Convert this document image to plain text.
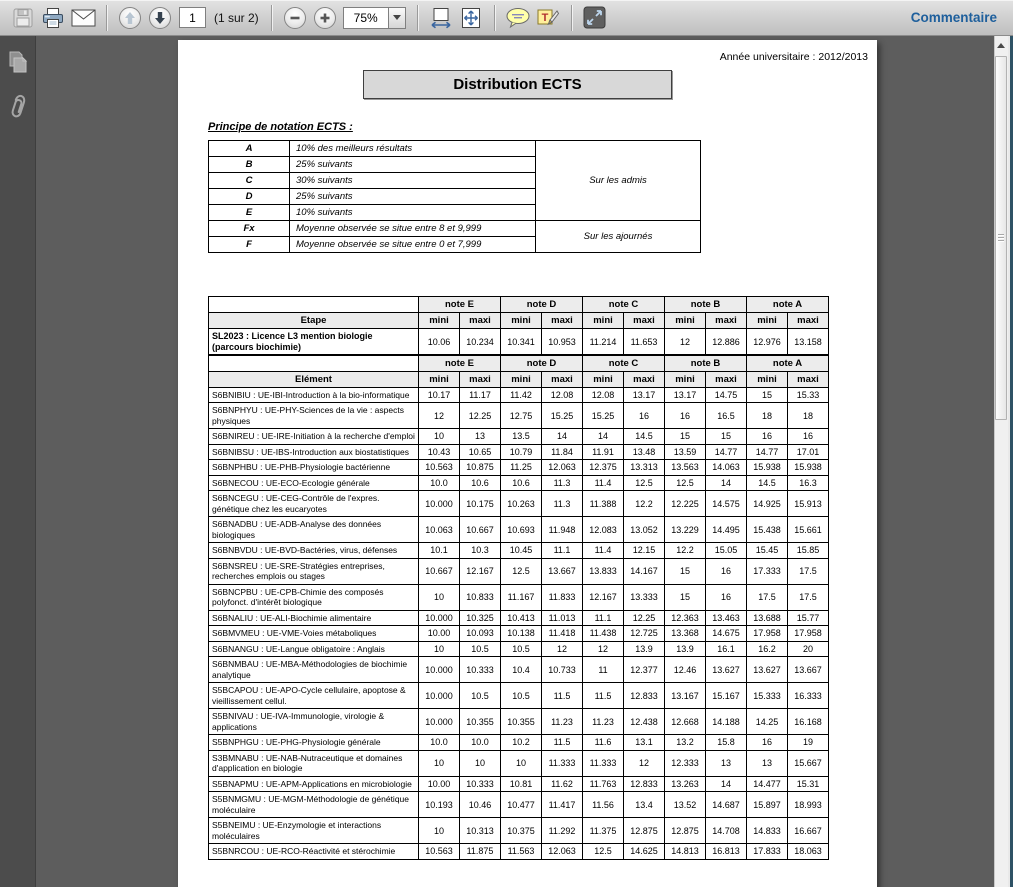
1
(1 sur 2)	75%	T	Commentaire
Année universitaire : 2012/2013
Distribution ECTS
Principe de notation ECTS :
A	10% des meilleurs résultats	Sur les admis
B	25% suivants	
C	30% suivants	
D	25% suivants	
E	10% suivants	
Fx	Moyenne observée se situe entre 8 et 9,999	Sur les ajournés
F	Moyenne observée se situe entre 0 et 7,999	
	note E		note D		note C		note B		note A	
Etape	mini	maxi	mini	maxi	mini	maxi	mini	maxi	mini	maxi
SL2023 : Licence L3 mention biologie (parcours biochimie)	10.06	10.234	10.341	10.953	11.214	11.653	12	12.886	12.976	13.158
	note E		note D		note C		note B		note A	
Elément	mini	maxi	mini	maxi	mini	maxi	mini	maxi	mini	maxi
S6BNIBIU : UE-IBI-Introduction à la bio-informatique	10.17	11.17	11.42	12.08	12.08	13.17	13.17	14.75	15	15.33
S6BNPHYU : UE-PHY-Sciences de la vie : aspects physiques	12	12.25	12.75	15.25	15.25	16	16	16.5	18	18
S6BNIREU : UE-IRE-Initiation à la recherche d'emploi	10	13	13.5	14	14	14.5	15	15	16	16
S6BNIBSU : UE-IBS-Introduction aux biostatistiques	10.43	10.65	10.79	11.84	11.91	13.48	13.59	14.77	14.77	17.01
S6BNPHBU : UE-PHB-Physiologie bactérienne	10.563	10.875	11.25	12.063	12.375	13.313	13.563	14.063	15.938	15.938
S6BNECOU : UE-ECO-Ecologie générale	10.0	10.6	10.6	11.3	11.4	12.5	12.5	14	14.5	16.3
S6BNCEGU : UE-CEG-Contrôle de l'expres. génétique chez les eucaryotes	10.000	10.175	10.263	11.3	11.388	12.2	12.225	14.575	14.925	15.913
S6BNADBU : UE-ADB-Analyse des données biologiques	10.063	10.667	10.693	11.948	12.083	13.052	13.229	14.495	15.438	15.661
S6BNBVDU : UE-BVD-Bactéries, virus, défenses	10.1	10.3	10.45	11.1	11.4	12.15	12.2	15.05	15.45	15.85
S6BNSREU : UE-SRE-Stratégies entreprises, recherches emplois ou stages	10.667	12.167	12.5	13.667	13.833	14.167	15	16	17.333	17.5
S6BNCPBU : UE-CPB-Chimie des composés polyfonct. d'intérêt biologique	10	10.833	11.167	11.833	12.167	13.333	15	16	17.5	17.5
S6BNALIU : UE-ALI-Biochimie alimentaire	10.000	10.325	10.413	11.013	11.1	12.25	12.363	13.463	13.688	15.77
S6BMVMEU : UE-VME-Voies métaboliques	10.00	10.093	10.138	11.418	11.438	12.725	13.368	14.675	17.958	17.958
S6BNANGU : UE-Langue obligatoire : Anglais	10	10.5	10.5	12	12	13.9	13.9	16.1	16.2	20
S6BNMBAU : UE-MBA-Méthodologies de biochimie analytique	10.000	10.333	10.4	10.733	11	12.377	12.46	13.627	13.627	13.667
S5BCAPOU : UE-APO-Cycle cellulaire, apoptose & vieillissement cellul.	10.000	10.5	10.5	11.5	11.5	12.833	13.167	15.167	15.333	16.333
S5BNIVAU : UE-IVA-Immunologie, virologie & applications	10.000	10.355	10.355	11.23	11.23	12.438	12.668	14.188	14.25	16.168
S5BNPHGU : UE-PHG-Physiologie générale	10.0	10.0	10.2	11.5	11.6	13.1	13.2	15.8	16	19
S3BMNABU : UE-NAB-Nutraceutique et domaines d'application en biologie	10	10	10	11.333	11.333	12	12.333	13	13	15.667
S5BNAPMU : UE-APM-Applications en microbiologie	10.00	10.333	10.81	11.62	11.763	12.833	13.263	14	14.477	15.31
S5BNMGMU : UE-MGM-Méthodologie de génétique moléculaire	10.193	10.46	10.477	11.417	11.56	13.4	13.52	14.687	15.897	18.993
S5BNEIMU : UE-Enzymologie et interactions moléculaires	10	10.313	10.375	11.292	11.375	12.875	12.875	14.708	14.833	16.667
S5BNRCOU : UE-RCO-Réactivité et stérochimie	10.563	11.875	11.563	12.063	12.5	14.625	14.813	16.813	17.833	18.063
